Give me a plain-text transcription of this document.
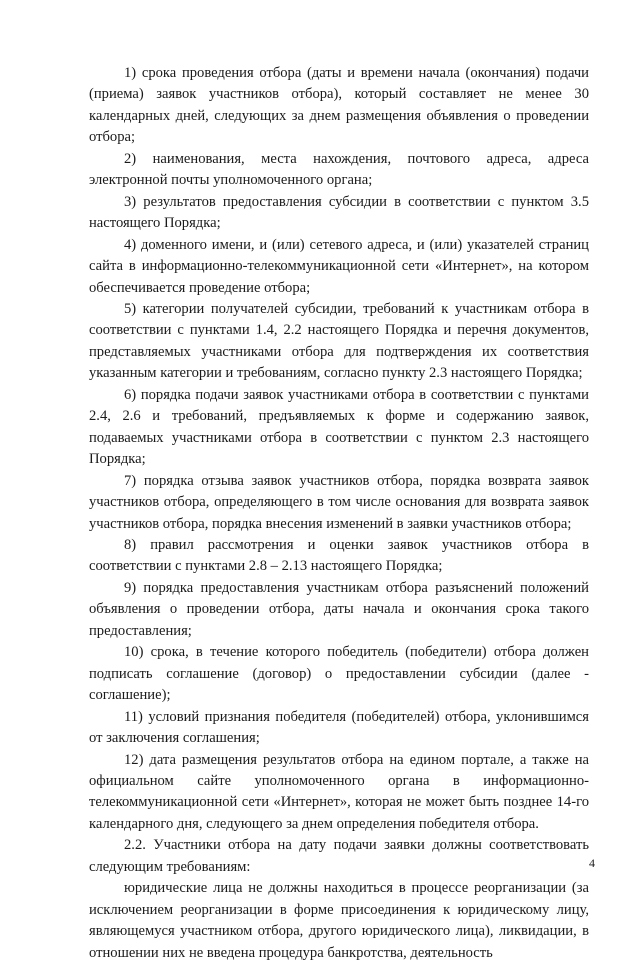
1) срока проведения отбора (даты и времени начала (окончания) подачи (приема) заявок участников отбора), который составляет не менее 30 календарных дней, следующих за днем размещения объявления о проведении отбора;

2) наименования, места нахождения, почтового адреса, адреса электронной почты уполномоченного органа;

3) результатов предоставления субсидии в соответствии с пунктом 3.5 настоящего Порядка;

4) доменного имени, и (или) сетевого адреса, и (или) указателей страниц сайта в информационно-телекоммуникационной сети «Интернет», на котором обеспечивается проведение отбора;

5) категории получателей субсидии, требований к участникам отбора в соответствии с пунктами 1.4, 2.2 настоящего Порядка и перечня документов, представляемых участниками отбора для подтверждения их соответствия указанным категории и требованиям, согласно пункту 2.3 настоящего Порядка;

6) порядка подачи заявок участниками отбора в соответствии с пунктами 2.4, 2.6 и требований, предъявляемых к форме и содержанию заявок, подаваемых участниками отбора в соответствии с пунктом 2.3 настоящего Порядка;

7) порядка отзыва заявок участников отбора, порядка возврата заявок участников отбора, определяющего в том числе основания для возврата заявок участников отбора, порядка внесения изменений в заявки участников отбора;

8) правил рассмотрения и оценки заявок участников отбора в соответствии с пунктами 2.8 – 2.13 настоящего Порядка;

9) порядка предоставления участникам отбора разъяснений положений объявления о проведении отбора, даты начала и окончания срока такого предоставления;

10) срока, в течение которого победитель (победители) отбора должен подписать соглашение (договор) о предоставлении субсидии (далее - соглашение);

11) условий признания победителя (победителей) отбора, уклонившимся от заключения соглашения;

12) дата размещения результатов отбора на едином портале, а также на официальном сайте уполномоченного органа в информационно-телекоммуникационной сети «Интернет», которая не может быть позднее 14-го календарного дня, следующего за днем определения победителя отбора.

2.2. Участники отбора на дату подачи заявки должны соответствовать следующим требованиям:

юридические лица не должны находиться в процессе реорганизации (за исключением реорганизации в форме присоединения к юридическому лицу, являющемуся участником отбора, другого юридического лица), ликвидации, в отношении них не введена процедура банкротства, деятельность

4
